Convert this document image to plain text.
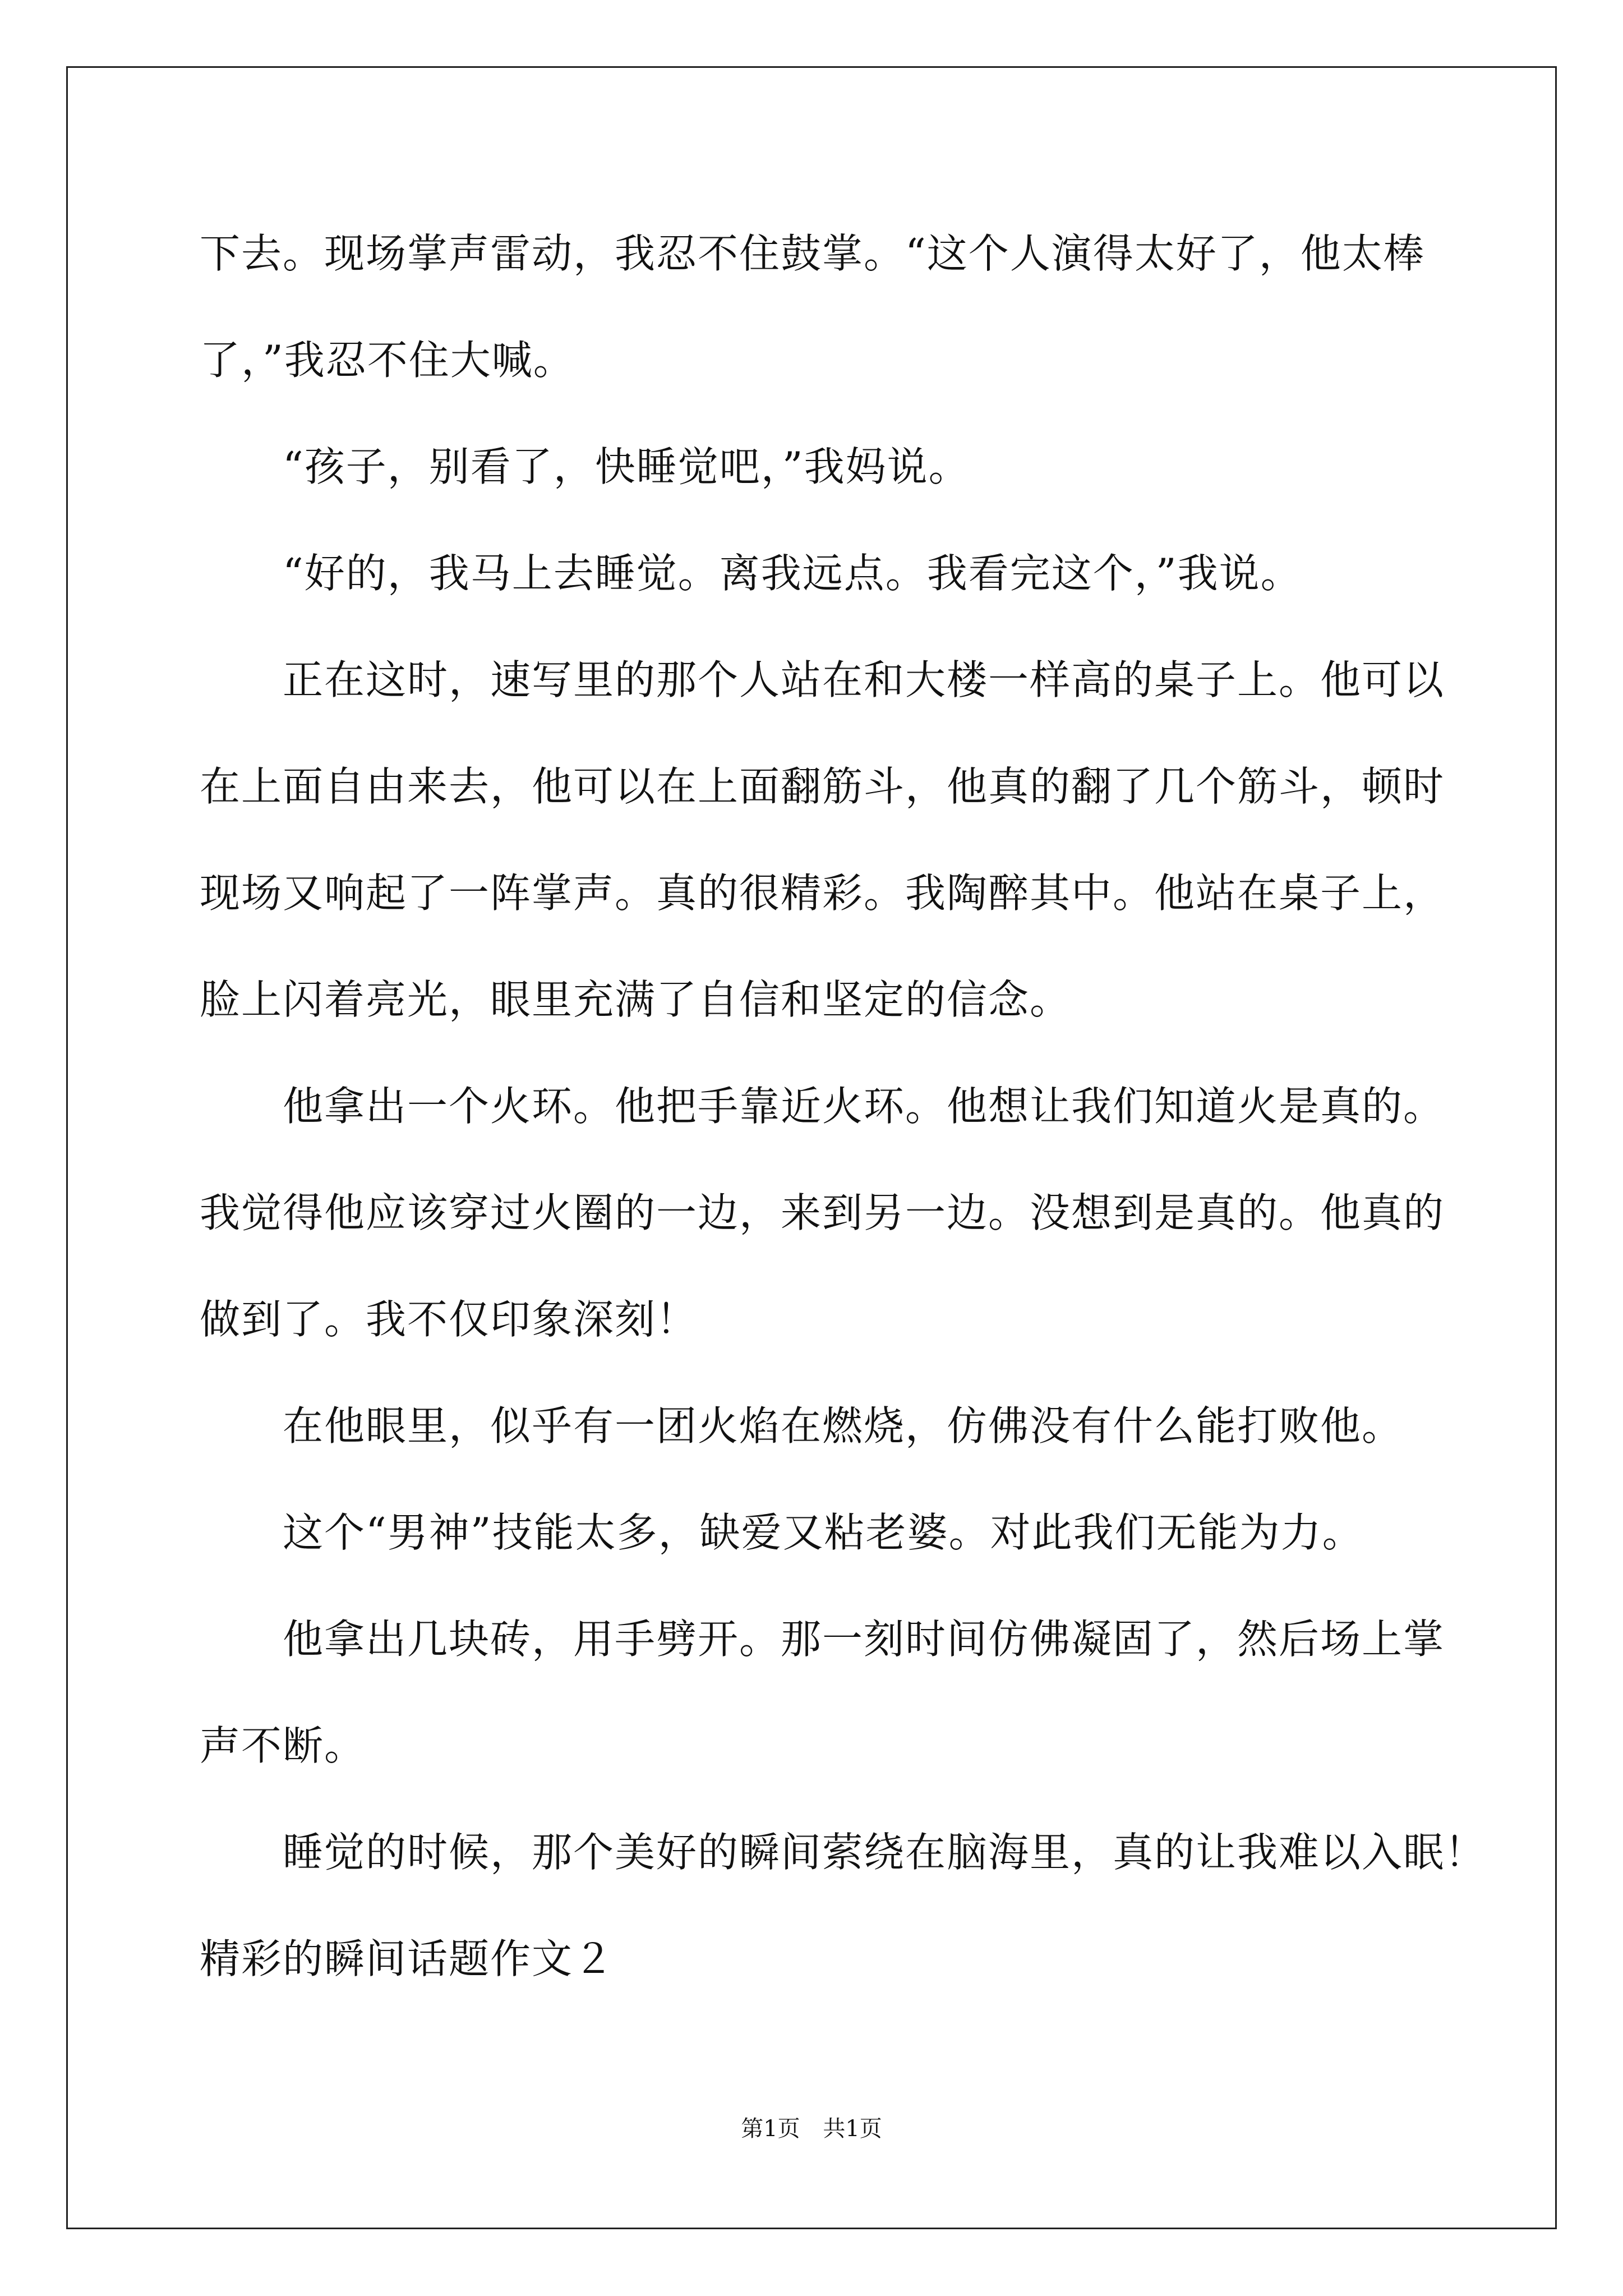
下去。现场掌声雷动，我忍不住鼓掌。“这个人演得太好了，他太棒
了，”我忍不住大喊。
“孩子，别看了，快睡觉吧，”我妈说。
“好的，我马上去睡觉。离我远点。我看完这个，”我说。
正在这时，速写里的那个人站在和大楼一样高的桌子上。他可以
在上面自由来去，他可以在上面翻筋斗，他真的翻了几个筋斗，顿时
现场又响起了一阵掌声。真的很精彩。我陶醉其中。他站在桌子上，
脸上闪着亮光，眼里充满了自信和坚定的信念。
他拿出一个火环。他把手靠近火环。他想让我们知道火是真的。
我觉得他应该穿过火圈的一边，来到另一边。没想到是真的。他真的
做到了。我不仅印象深刻！
在他眼里，似乎有一团火焰在燃烧，仿佛没有什么能打败他。
这个“男神”技能太多，缺爱又粘老婆。对此我们无能为力。
他拿出几块砖，用手劈开。那一刻时间仿佛凝固了，然后场上掌
声不断。
睡觉的时候，那个美好的瞬间萦绕在脑海里，真的让我难以入眠！
精彩的瞬间话题作文２
第1页 共1页
